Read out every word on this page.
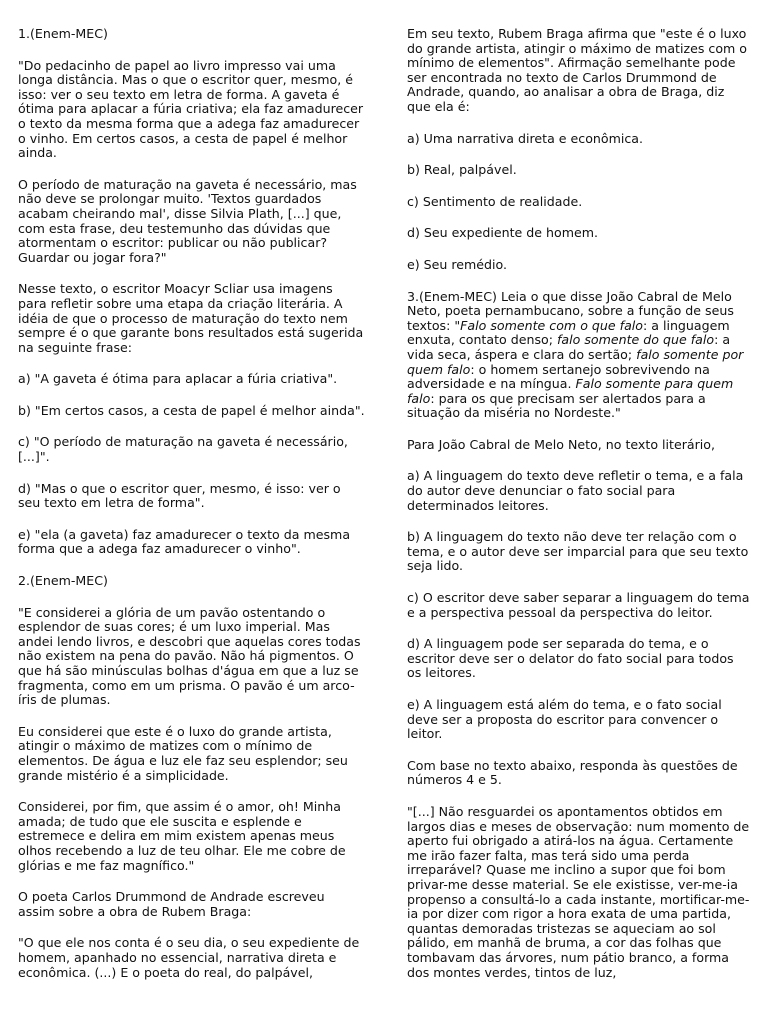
1.(Enem-MEC)

"Do pedacinho de papel ao livro impresso vai uma longa distância. Mas o que o escritor quer, mesmo, é isso: ver o seu texto em letra de forma. A gaveta é ótima para aplacar a fúria criativa; ela faz amadurecer o texto da mesma forma que a adega faz amadurecer o vinho. Em certos casos, a cesta de papel é melhor ainda.

O período de maturação na gaveta é necessário, mas não deve se prolongar muito. 'Textos guardados acabam cheirando mal', disse Silvia Plath, [...] que, com esta frase, deu testemunho das dúvidas que atormentam o escritor: publicar ou não publicar? Guardar ou jogar fora?"

Nesse texto, o escritor Moacyr Scliar usa imagens para refletir sobre uma etapa da criação literária. A idéia de que o processo de maturação do texto nem sempre é o que garante bons resultados está sugerida na seguinte frase:

a) "A gaveta é ótima para aplacar a fúria criativa".

b) "Em certos casos, a cesta de papel é melhor ainda".

c) "O período de maturação na gaveta é necessário, [...]".

d) "Mas o que o escritor quer, mesmo, é isso: ver o seu texto em letra de forma".

e) "ela (a gaveta) faz amadurecer o texto da mesma forma que a adega faz amadurecer o vinho".

2.(Enem-MEC)

"E considerei a glória de um pavão ostentando o esplendor de suas cores; é um luxo imperial. Mas andei lendo livros, e descobri que aquelas cores todas não existem na pena do pavão. Não há pigmentos. O que há são minúsculas bolhas d'água em que a luz se fragmenta, como em um prisma. O pavão é um arco-íris de plumas.

Eu considerei que este é o luxo do grande artista, atingir o máximo de matizes com o mínimo de elementos. De água e luz ele faz seu esplendor; seu grande mistério é a simplicidade.

Considerei, por fim, que assim é o amor, oh! Minha amada; de tudo que ele suscita e esplende e estremece e delira em mim existem apenas meus olhos recebendo a luz de teu olhar. Ele me cobre de glórias e me faz magnífico."

O poeta Carlos Drummond de Andrade escreveu assim sobre a obra de Rubem Braga:

"O que ele nos conta é o seu dia, o seu expediente de homem, apanhado no essencial, narrativa direta e econômica. (...) E o poeta do real, do palpável,

Em seu texto, Rubem Braga afirma que "este é o luxo do grande artista, atingir o máximo de matizes com o mínimo de elementos". Afirmação semelhante pode ser encontrada no texto de Carlos Drummond de Andrade, quando, ao analisar a obra de Braga, diz que ela é:

a) Uma narrativa direta e econômica.

b) Real, palpável.

c) Sentimento de realidade.

d) Seu expediente de homem.

e) Seu remédio.

3.(Enem-MEC) Leia o que disse João Cabral de Melo Neto, poeta pernambucano, sobre a função de seus textos: "Falo somente com o que falo: a linguagem enxuta, contato denso; falo somente do que falo: a vida seca, áspera e clara do sertão; falo somente por quem falo: o homem sertanejo sobrevivendo na adversidade e na míngua. Falo somente para quem falo: para os que precisam ser alertados para a situação da miséria no Nordeste."

Para João Cabral de Melo Neto, no texto literário,

a) A linguagem do texto deve refletir o tema, e a fala do autor deve denunciar o fato social para determinados leitores.

b) A linguagem do texto não deve ter relação com o tema, e o autor deve ser imparcial para que seu texto seja lido.

c) O escritor deve saber separar a linguagem do tema e a perspectiva pessoal da perspectiva do leitor.

d) A linguagem pode ser separada do tema, e o escritor deve ser o delator do fato social para todos os leitores.

e) A linguagem está além do tema, e o fato social deve ser a proposta do escritor para convencer o leitor.

Com base no texto abaixo, responda às questões de números 4 e 5.

"[...] Não resguardei os apontamentos obtidos em largos dias e meses de observação: num momento de aperto fui obrigado a atirá-los na água. Certamente me irão fazer falta, mas terá sido uma perda irreparável? Quase me inclino a supor que foi bom privar-me desse material. Se ele existisse, ver-me-ia propenso a consultá-lo a cada instante, mortificar-me-ia por dizer com rigor a hora exata de uma partida, quantas demoradas tristezas se aqueciam ao sol pálido, em manhã de bruma, a cor das folhas que tombavam das árvores, num pátio branco, a forma dos montes verdes, tintos de luz,
